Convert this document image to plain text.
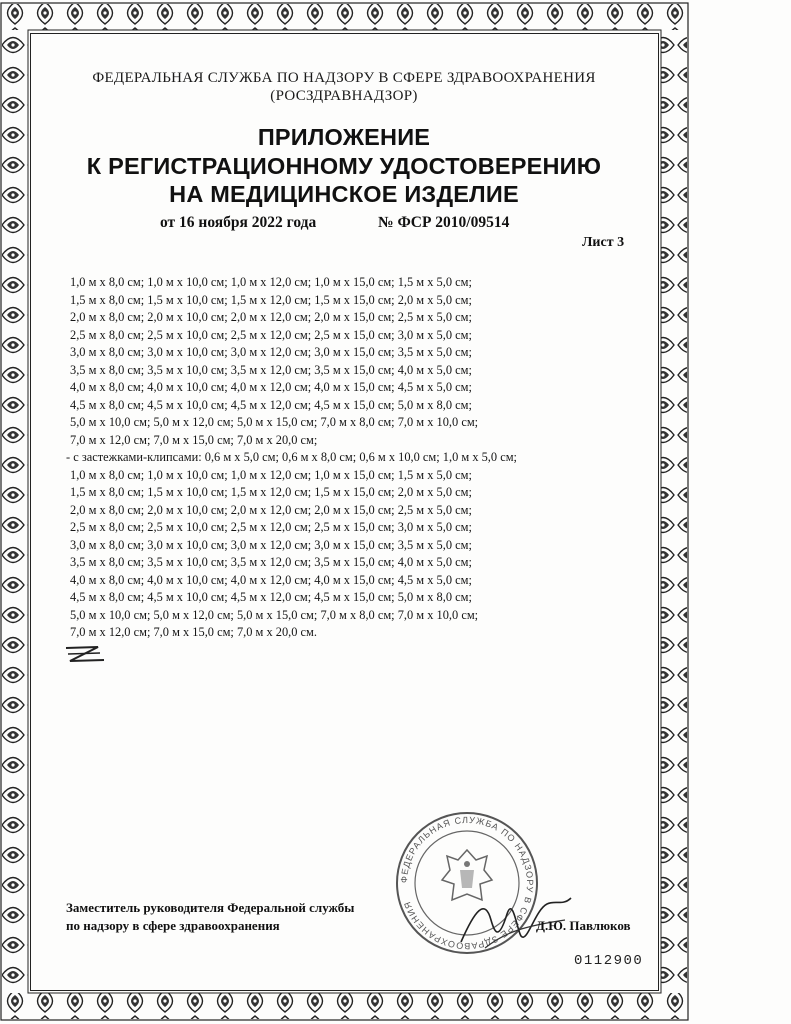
ФЕДЕРАЛЬНАЯ СЛУЖБА ПО НАДЗОРУ В СФЕРЕ ЗДРАВООХРАНЕНИЯ
(РОСЗДРАВНАДЗОР)
ПРИЛОЖЕНИЕ
К РЕГИСТРАЦИОННОМУ УДОСТОВЕРЕНИЮ
НА МЕДИЦИНСКОЕ ИЗДЕЛИЕ
от 16 ноября 2022 года	№ ФСР 2010/09514
Лист 3
1,0 м х 8,0 см; 1,0 м х 10,0 см; 1,0 м х 12,0 см; 1,0 м х 15,0 см; 1,5 м х 5,0 см;
1,5 м х 8,0 см; 1,5 м х 10,0 см; 1,5 м х 12,0 см; 1,5 м х 15,0 см; 2,0 м х 5,0 см;
2,0 м х 8,0 см; 2,0 м х 10,0 см; 2,0 м х 12,0 см; 2,0 м х 15,0 см; 2,5 м х 5,0 см;
2,5 м х 8,0 см; 2,5 м х 10,0 см; 2,5 м х 12,0 см; 2,5 м х 15,0 см; 3,0 м х 5,0 см;
3,0 м х 8,0 см; 3,0 м х 10,0 см; 3,0 м х 12,0 см; 3,0 м х 15,0 см; 3,5 м х 5,0 см;
3,5 м х 8,0 см; 3,5 м х 10,0 см; 3,5 м х 12,0 см; 3,5 м х 15,0 см; 4,0 м х 5,0 см;
4,0 м х 8,0 см; 4,0 м х 10,0 см; 4,0 м х 12,0 см; 4,0 м х 15,0 см; 4,5 м х 5,0 см;
4,5 м х 8,0 см; 4,5 м х 10,0 см; 4,5 м х 12,0 см; 4,5 м х 15,0 см; 5,0 м х 8,0 см;
5,0 м х 10,0 см; 5,0 м х 12,0 см; 5,0 м х 15,0 см; 7,0 м х 8,0 см; 7,0 м х 10,0 см;
7,0 м х 12,0 см; 7,0 м х 15,0 см; 7,0 м х 20,0 см;
- с застежками-клипсами: 0,6 м х 5,0 см; 0,6 м х 8,0 см; 0,6 м х 10,0 см; 1,0 м х 5,0 см;
1,0 м х 8,0 см; 1,0 м х 10,0 см; 1,0 м х 12,0 см; 1,0 м х 15,0 см; 1,5 м х 5,0 см;
1,5 м х 8,0 см; 1,5 м х 10,0 см; 1,5 м х 12,0 см; 1,5 м х 15,0 см; 2,0 м х 5,0 см;
2,0 м х 8,0 см; 2,0 м х 10,0 см; 2,0 м х 12,0 см; 2,0 м х 15,0 см; 2,5 м х 5,0 см;
2,5 м х 8,0 см; 2,5 м х 10,0 см; 2,5 м х 12,0 см; 2,5 м х 15,0 см; 3,0 м х 5,0 см;
3,0 м х 8,0 см; 3,0 м х 10,0 см; 3,0 м х 12,0 см; 3,0 м х 15,0 см; 3,5 м х 5,0 см;
3,5 м х 8,0 см; 3,5 м х 10,0 см; 3,5 м х 12,0 см; 3,5 м х 15,0 см; 4,0 м х 5,0 см;
4,0 м х 8,0 см; 4,0 м х 10,0 см; 4,0 м х 12,0 см; 4,0 м х 15,0 см; 4,5 м х 5,0 см;
4,5 м х 8,0 см; 4,5 м х 10,0 см; 4,5 м х 12,0 см; 4,5 м х 15,0 см; 5,0 м х 8,0 см;
5,0 м х 10,0 см; 5,0 м х 12,0 см; 5,0 м х 15,0 см; 7,0 м х 8,0 см; 7,0 м х 10,0 см;
7,0 м х 12,0 см; 7,0 м х 15,0 см; 7,0 м х 20,0 см.
ФЕДЕРАЛЬНАЯ СЛУЖБА ПО НАДЗОРУ В СФЕРЕ ЗДРАВООХРАНЕНИЯ
Заместитель руководителя Федеральной службы
по надзору в сфере здравоохранения	Д.Ю. Павлюков
0112900
